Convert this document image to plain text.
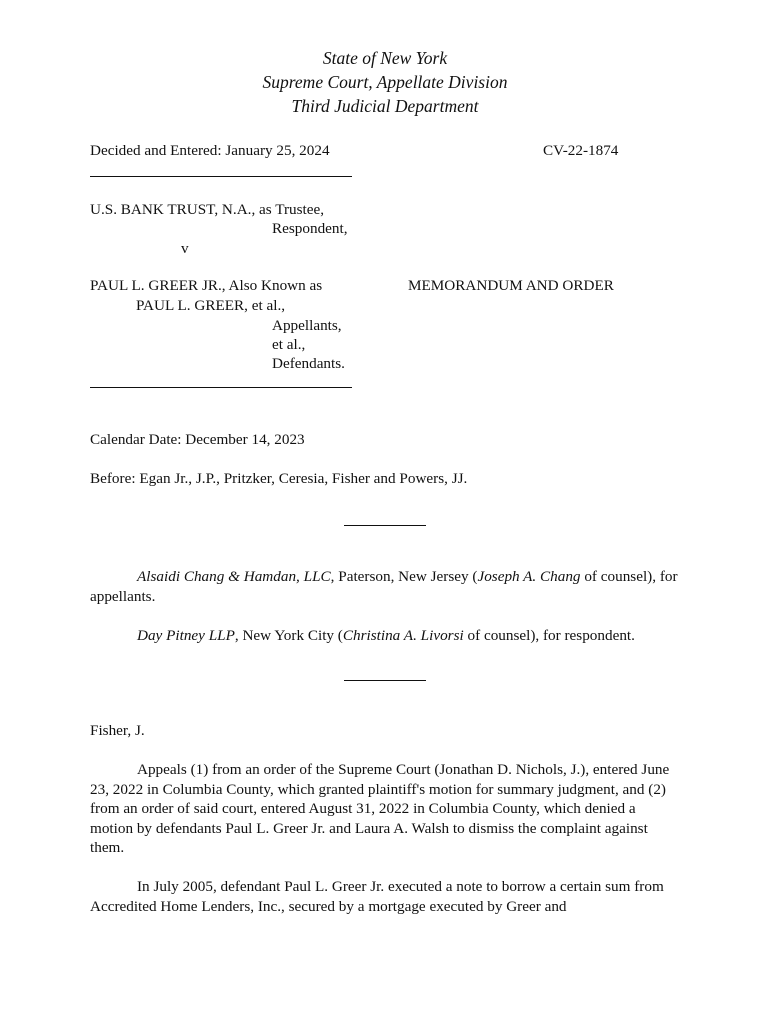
State of New York
Supreme Court, Appellate Division
Third Judicial Department
Decided and Entered: January 25, 2024	CV-22-1874
U.S. BANK TRUST, N.A., as Trustee,
Respondent,
v
PAUL L. GREER JR., Also Known as	MEMORANDUM AND ORDER
PAUL L. GREER, et al.,
Appellants,
et al.,
Defendants.
Calendar Date: December 14, 2023
Before: Egan Jr., J.P., Pritzker, Ceresia, Fisher and Powers, JJ.
Alsaidi Chang & Hamdan, LLC, Paterson, New Jersey (Joseph A. Chang of counsel), for appellants.
Day Pitney LLP, New York City (Christina A. Livorsi of counsel), for respondent.
Fisher, J.
Appeals (1) from an order of the Supreme Court (Jonathan D. Nichols, J.), entered June 23, 2022 in Columbia County, which granted plaintiff's motion for summary judgment, and (2) from an order of said court, entered August 31, 2022 in Columbia County, which denied a motion by defendants Paul L. Greer Jr. and Laura A. Walsh to dismiss the complaint against them.
In July 2005, defendant Paul L. Greer Jr. executed a note to borrow a certain sum from Accredited Home Lenders, Inc., secured by a mortgage executed by Greer and
